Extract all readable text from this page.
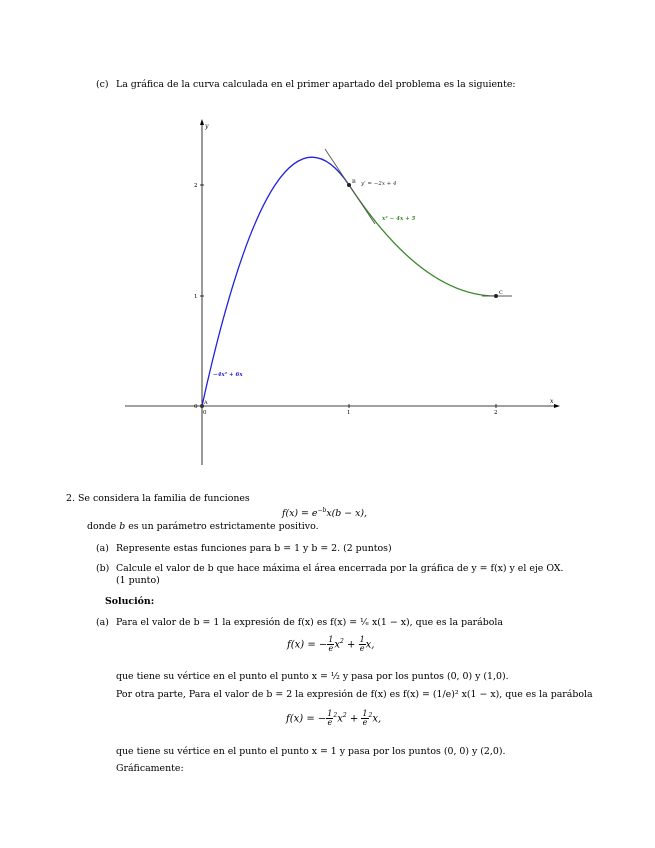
(c) La gráfica de la curva calculada en el primer apartado del problema es la siguiente:
x
y
0	1	2
1
2
0
A
B
C
y' = −2x + 4
x² − 4x + 5
−4x² + 6x
2. Se considera la familia de funciones
$f(x) = e^{-b}x(b - x)$,
donde b es un parámetro estrictamente positivo.
(a) Represente estas funciones para b = 1 y b = 2. (2 puntos)
(b) Calcule el valor de b que hace máxima el área encerrada por la gráfica de y = f(x) y el eje OX.
(1 punto)
Solución:
(a) Para el valor de b = 1 la expresión de f(x) es f(x) = ¹⁄ₑ x(1 − x), que es la parábola
f(x) = − $\frac{1}{e} x^2 + \frac{1}{e} x$,
que tiene su vértice en el punto el punto x = ½ y pasa por los puntos (0, 0) y (1,0).
Por otra parte, Para el valor de b = 2 la expresión de f(x) es f(x) = (1/e)² x(1 − x), que es la parábola
f(x) = − $\frac{1}{e} ^2x^2 + \frac{1}{e} ^2x$,
que tiene su vértice en el punto el punto x = 1 y pasa por los puntos (0, 0) y (2,0).
Gráficamente:
